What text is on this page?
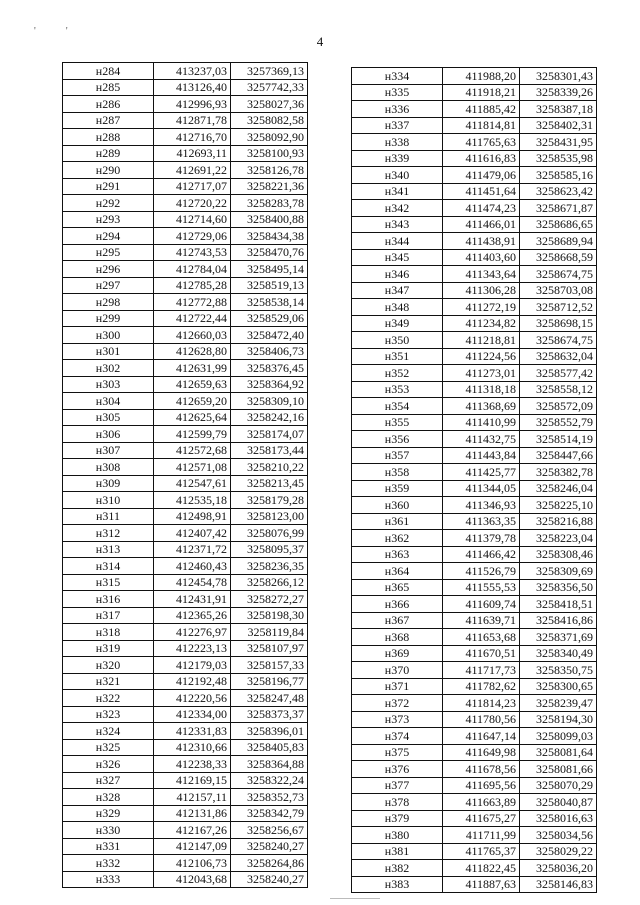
'	'
4
н284	413237,03	3257369,13
н285	413126,40	3257742,33
н286	412996,93	3258027,36
н287	412871,78	3258082,58
н288	412716,70	3258092,90
н289	412693,11	3258100,93
н290	412691,22	3258126,78
н291	412717,07	3258221,36
н292	412720,22	3258283,78
н293	412714,60	3258400,88
н294	412729,06	3258434,38
н295	412743,53	3258470,76
н296	412784,04	3258495,14
н297	412785,28	3258519,13
н298	412772,88	3258538,14
н299	412722,44	3258529,06
н300	412660,03	3258472,40
н301	412628,80	3258406,73
н302	412631,99	3258376,45
н303	412659,63	3258364,92
н304	412659,20	3258309,10
н305	412625,64	3258242,16
н306	412599,79	3258174,07
н307	412572,68	3258173,44
н308	412571,08	3258210,22
н309	412547,61	3258213,45
н310	412535,18	3258179,28
н311	412498,91	3258123,00
н312	412407,42	3258076,99
н313	412371,72	3258095,37
н314	412460,43	3258236,35
н315	412454,78	3258266,12
н316	412431,91	3258272,27
н317	412365,26	3258198,30
н318	412276,97	3258119,84
н319	412223,13	3258107,97
н320	412179,03	3258157,33
н321	412192,48	3258196,77
н322	412220,56	3258247,48
н323	412334,00	3258373,37
н324	412331,83	3258396,01
н325	412310,66	3258405,83
н326	412238,33	3258364,88
н327	412169,15	3258322,24
н328	412157,11	3258352,73
н329	412131,86	3258342,79
н330	412167,26	3258256,67
н331	412147,09	3258240,27
н332	412106,73	3258264,86
н333	412043,68	3258240,27
н334	411988,20	3258301,43
н335	411918,21	3258339,26
н336	411885,42	3258387,18
н337	411814,81	3258402,31
н338	411765,63	3258431,95
н339	411616,83	3258535,98
н340	411479,06	3258585,16
н341	411451,64	3258623,42
н342	411474,23	3258671,87
н343	411466,01	3258686,65
н344	411438,91	3258689,94
н345	411403,60	3258668,59
н346	411343,64	3258674,75
н347	411306,28	3258703,08
н348	411272,19	3258712,52
н349	411234,82	3258698,15
н350	411218,81	3258674,75
н351	411224,56	3258632,04
н352	411273,01	3258577,42
н353	411318,18	3258558,12
н354	411368,69	3258572,09
н355	411410,99	3258552,79
н356	411432,75	3258514,19
н357	411443,84	3258447,66
н358	411425,77	3258382,78
н359	411344,05	3258246,04
н360	411346,93	3258225,10
н361	411363,35	3258216,88
н362	411379,78	3258223,04
н363	411466,42	3258308,46
н364	411526,79	3258309,69
н365	411555,53	3258356,50
н366	411609,74	3258418,51
н367	411639,71	3258416,86
н368	411653,68	3258371,69
н369	411670,51	3258340,49
н370	411717,73	3258350,75
н371	411782,62	3258300,65
н372	411814,23	3258239,47
н373	411780,56	3258194,30
н374	411647,14	3258099,03
н375	411649,98	3258081,64
н376	411678,56	3258081,66
н377	411695,56	3258070,29
н378	411663,89	3258040,87
н379	411675,27	3258016,63
н380	411711,99	3258034,56
н381	411765,37	3258029,22
н382	411822,45	3258036,20
н383	411887,63	3258146,83
